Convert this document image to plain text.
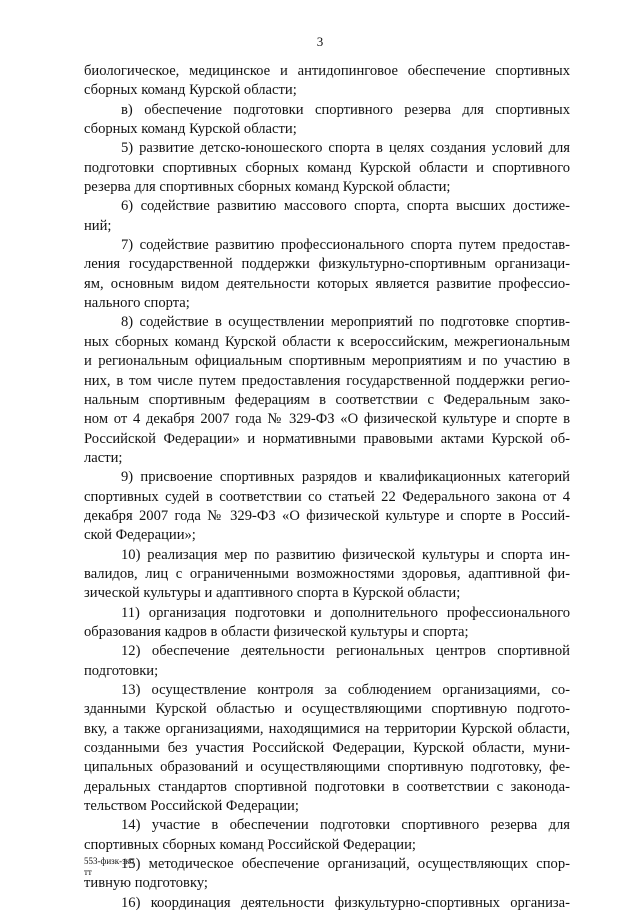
3
биологическое, медицинское и антидопинговое обеспечение спортивных
сборных команд Курской области;
в) обеспечение подготовки спортивного резерва для спортивных
сборных команд Курской области;
5) развитие детско-юношеского спорта в целях создания условий для
подготовки спортивных сборных команд Курской области и спортивного
резерва для спортивных сборных команд Курской области;
6) содействие развитию массового спорта, спорта высших достиже-
ний;
7) содействие развитию профессионального спорта путем предостав-
ления государственной поддержки физкультурно-спортивным организаци-
ям, основным видом деятельности которых является развитие профессио-
нального спорта;
8) содействие в осуществлении мероприятий по подготовке спортив-
ных сборных команд Курской области к всероссийским, межрегиональным
и региональным официальным спортивным мероприятиям и по участию в
них, в том числе путем предоставления государственной поддержки регио-
нальным спортивным федерациям в соответствии с Федеральным зако-
ном от 4 декабря 2007 года № 329-ФЗ «О физической культуре и спорте в
Российской Федерации» и нормативными правовыми актами Курской об-
ласти;
9) присвоение спортивных разрядов и квалификационных категорий
спортивных судей в соответствии со статьей 22 Федерального закона от 4
декабря 2007 года № 329-ФЗ «О физической культуре и спорте в Россий-
ской Федерации»;
10) реализация мер по развитию физической культуры и спорта ин-
валидов, лиц с ограниченными возможностями здоровья, адаптивной фи-
зической культуры и адаптивного спорта в Курской области;
11) организация подготовки и дополнительного профессионального
образования кадров в области физической культуры и спорта;
12) обеспечение деятельности региональных центров спортивной
подготовки;
13) осуществление контроля за соблюдением организациями, со-
зданными Курской областью и осуществляющими спортивную подгото-
вку, а также организациями, находящимися на территории Курской области,
созданными без участия Российской Федерации, Курской области, муни-
ципальных образований и осуществляющими спортивную подготовку, фе-
деральных стандартов спортивной подготовки в соответствии с законода-
тельством Российской Федерации;
14) участие в обеспечении подготовки спортивного резерва для
спортивных сборных команд Российской Федерации;
15) методическое обеспечение организаций, осуществляющих спор-
тивную подготовку;
16) координация деятельности физкультурно-спортивных организа-
553-физк-зко
тт
